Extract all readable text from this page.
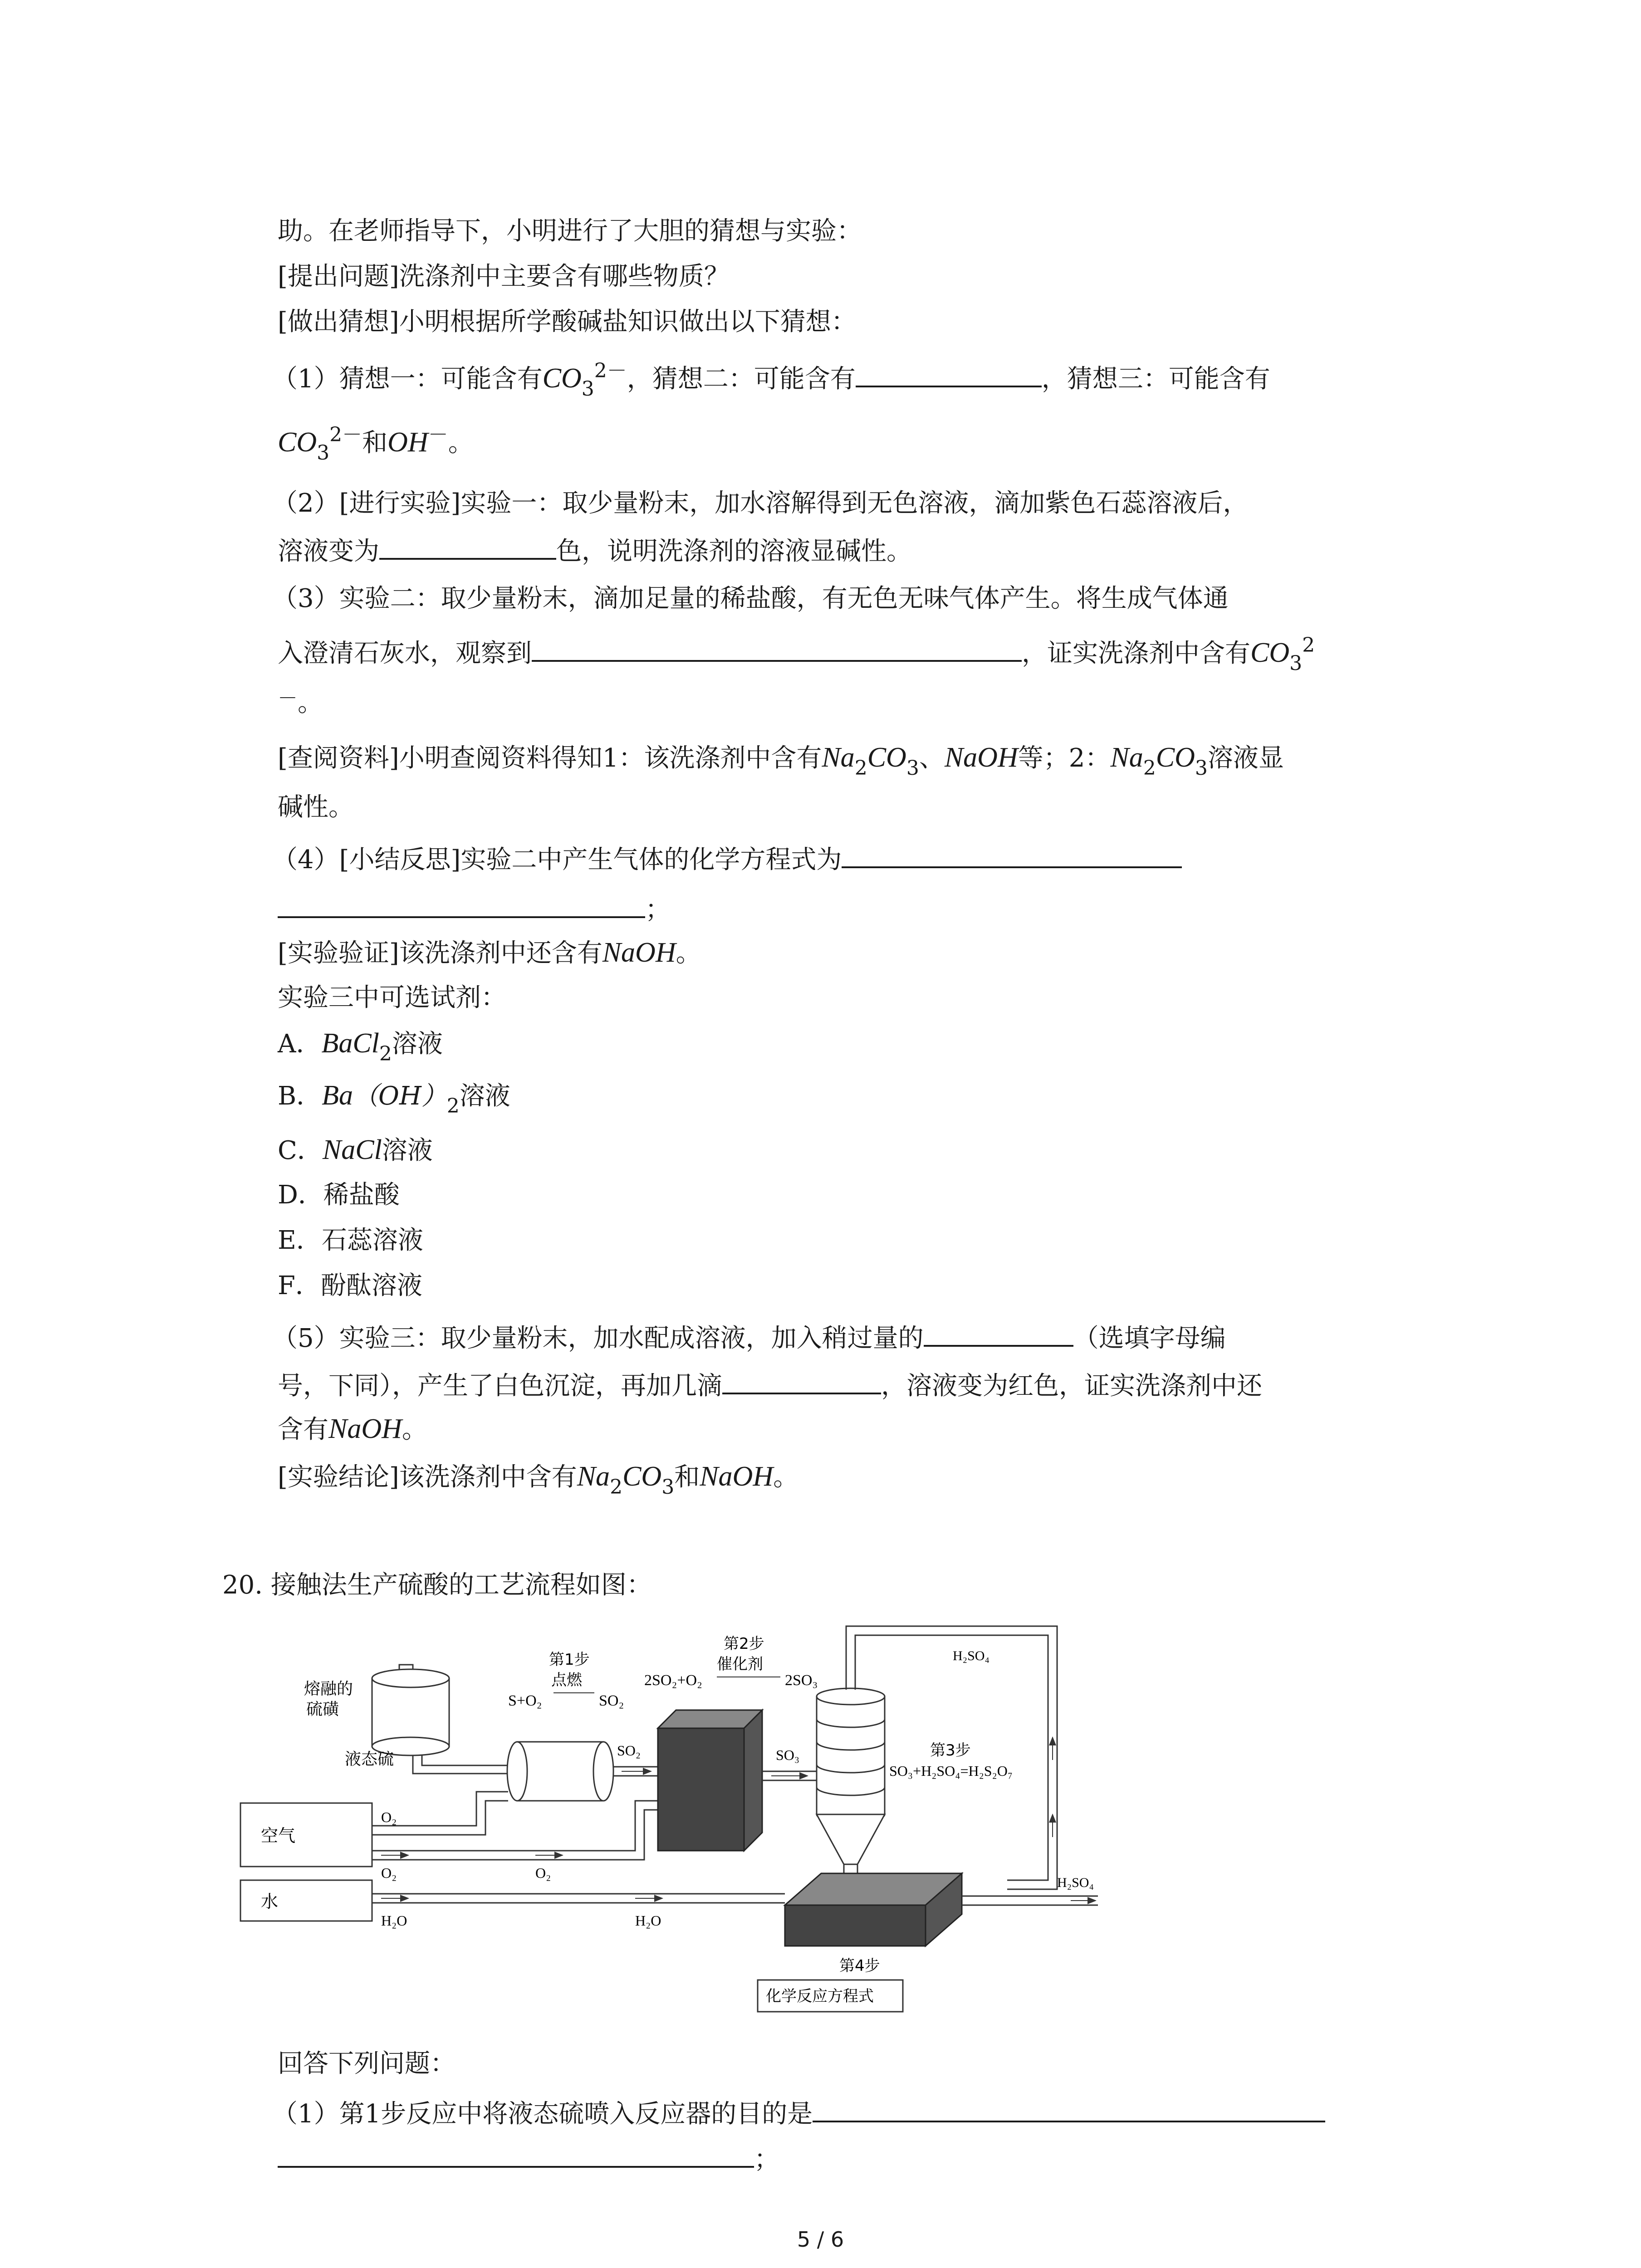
助。在老师指导下，小明进行了大胆的猜想与实验：
[提出问题]洗涤剂中主要含有哪些物质？
[做出猜想]小明根据所学酸碱盐知识做出以下猜想：
（1）猜想一：可能含有$CO_3^{2-}$，猜想二：可能含有	，猜想三：可能含有
$CO_3^{2-}$和OH－。
（2）[进行实验]实验一：取少量粉末，加水溶解得到无色溶液，滴加紫色石蕊溶液后，
溶液变为	色，说明洗涤剂的溶液显碱性。
（3）实验二：取少量粉末，滴加足量的稀盐酸，有无色无味气体产生。将生成气体通
入澄清石灰水，观察到	，证实洗涤剂中含有$CO_3^2$
－。
[查阅资料]小明查阅资料得知1：该洗涤剂中含有$Na_2CO_3$、NaOH等；2：$Na_2CO_3$溶液显
碱性。
（4）[小结反思]实验二中产生气体的化学方程式为
；
[实验验证]该洗涤剂中还含有NaOH。
实验三中可选试剂：
A．BaCl$_2$溶液
B．$Ba(OH)_2$溶液
C．NaCl溶液
D．稀盐酸
E．石蕊溶液
F．酚酞溶液
（5）实验三：取少量粉末，加水配成溶液，加入稍过量的	（选填字母编
号，下同），产生了白色沉淀，再加几滴	，溶液变为红色，证实洗涤剂中还
含有NaOH。
[实验结论]该洗涤剂中含有$Na_2CO_3$和NaOH。
20. 接触法生产硫酸的工艺流程如图：
熔融的
硫磺
液态硫
第1步
点燃
S+O₂	SO₂
空气
水
O₂
O₂	O₂
SO₂
第2步
催化剂
2SO₂+O₂	2SO₃
SO₃	第3步
SO₃+H₂SO₄=H₂S₂O₇
H₂SO₄
H₂O	H₂O
H₂SO₄
第4步
化学反应方程式
回答下列问题：
（1）第1步反应中将液态硫喷入反应器的目的是
；
5 / 6
